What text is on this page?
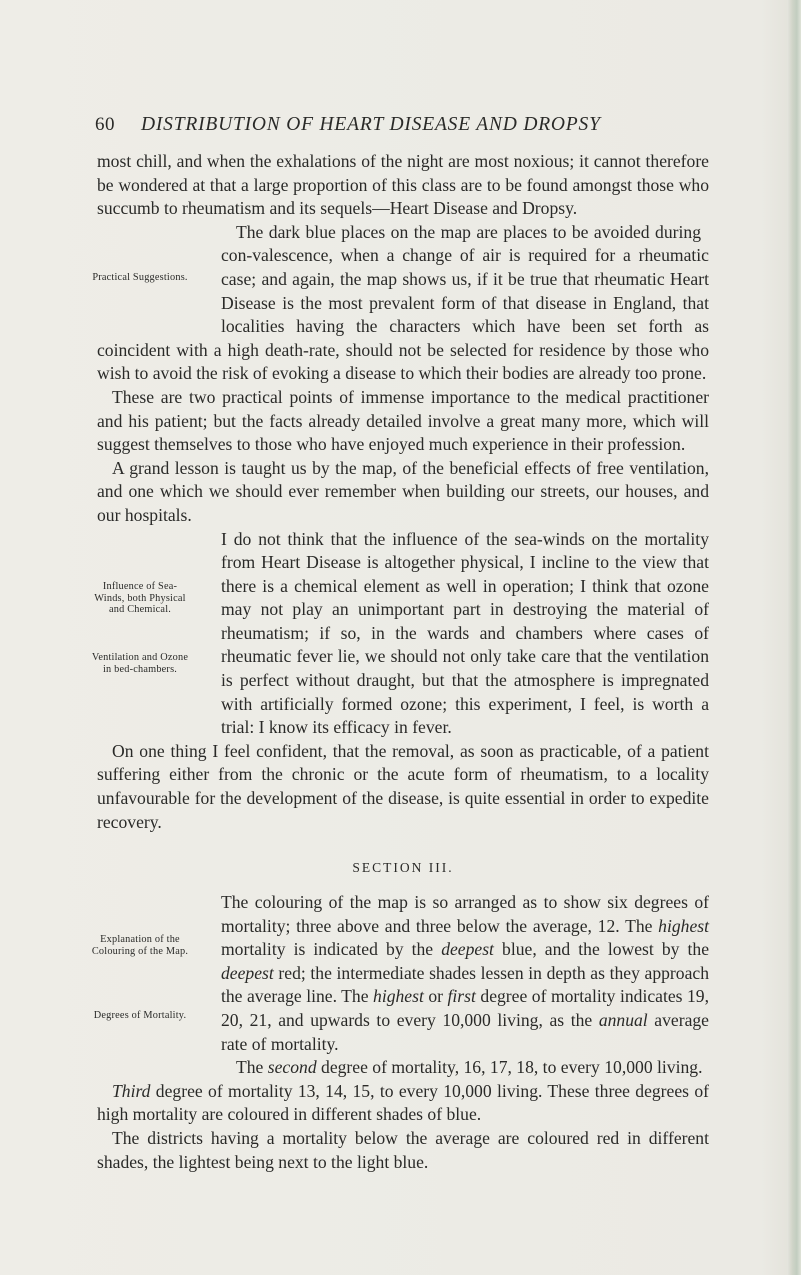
60 DISTRIBUTION OF HEART DISEASE AND DROPSY
Practical Suggestions.
Influence of Sea-Winds, both Physical and Chemical.
Ventilation and Ozone in bed-chambers.
Explanation of the Colouring of the Map.
Degrees of Mortality.

most chill, and when the exhalations of the night are most noxious; it cannot therefore be wondered at that a large proportion of this class are to be found amongst those who succumb to rheumatism and its sequels—Heart Disease and Dropsy.

The dark blue places on the map are places to be avoided during con-valescence, when a change of air is required for a rheumatic case; and again, the map shows us, if it be true that rheumatic Heart Disease is the most prevalent form of that disease in England, that localities having the characters which have been set forth as coincident with a high death-rate, should not be selected for residence by those who wish to avoid the risk of evoking a disease to which their bodies are already too prone.

These are two practical points of immense importance to the medical practitioner and his patient; but the facts already detailed involve a great many more, which will suggest themselves to those who have enjoyed much experience in their profession.

A grand lesson is taught us by the map, of the beneficial effects of free ventilation, and one which we should ever remember when building our streets, our houses, and our hospitals.

I do not think that the influence of the sea-winds on the mortality from Heart Disease is altogether physical, I incline to the view that there is a chemical element as well in operation; I think that ozone may not play an unimportant part in destroying the material of rheumatism; if so, in the wards and chambers where cases of rheumatic fever lie, we should not only take care that the ventilation is perfect without draught, but that the atmosphere is impregnated with artificially formed ozone; this experiment, I feel, is worth a trial: I know its efficacy in fever.

On one thing I feel confident, that the removal, as soon as practicable, of a patient suffering either from the chronic or the acute form of rheumatism, to a locality unfavourable for the development of the disease, is quite essential in order to expedite recovery.

SECTION III.

The colouring of the map is so arranged as to show six degrees of mortality; three above and three below the average, 12. The highest mortality is indicated by the deepest blue, and the lowest by the deepest red; the intermediate shades lessen in depth as they approach the average line. The highest or first degree of mortality indicates 19, 20, 21, and upwards to every 10,000 living, as the annual average rate of mortality.

The second degree of mortality, 16, 17, 18, to every 10,000 living.

Third degree of mortality 13, 14, 15, to every 10,000 living. These three degrees of high mortality are coloured in different shades of blue.

The districts having a mortality below the average are coloured red in different shades, the lightest being next to the light blue.
